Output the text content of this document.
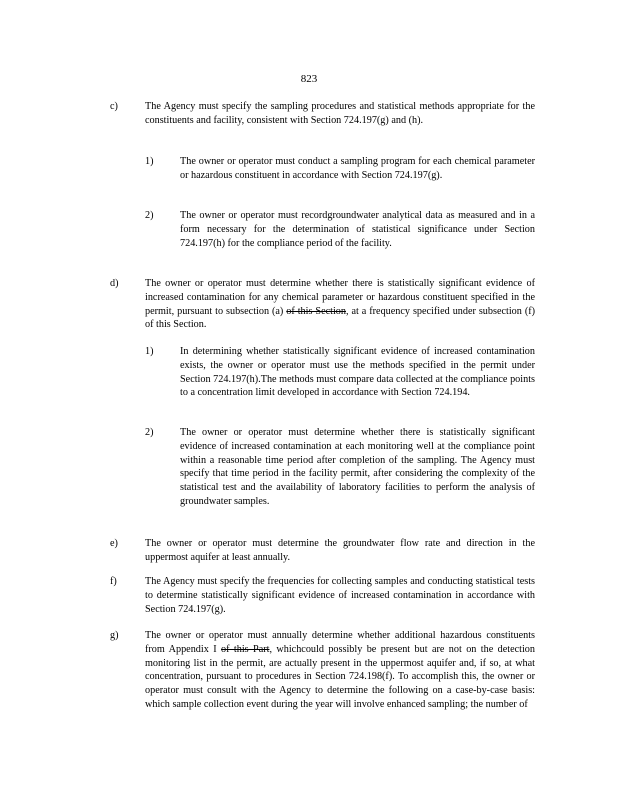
823
c)	The Agency must specify the sampling procedures and statistical methods appropriate for the constituents and facility, consistent with Section 724.197(g) and (h).
1)	The owner or operator must conduct a sampling program for each chemical parameter or hazardous constituent in accordance with Section 724.197(g).
2)	The owner or operator must recordgroundwater analytical data as measured and in a form necessary for the determination of statistical significance under Section 724.197(h) for the compliance period of the facility.
d)	The owner or operator must determine whether there is statistically significant evidence of increased contamination for any chemical parameter or hazardous constituent specified in the permit, pursuant to subsection (a) of this Section, at a frequency specified under subsection (f) of this Section.
1)	In determining whether statistically significant evidence of increased contamination exists, the owner or operator must use the methods specified in the permit under Section 724.197(h).The methods must compare data collected at the compliance points to a concentration limit developed in accordance with Section 724.194.
2)	The owner or operator must determine whether there is statistically significant evidence of increased contamination at each monitoring well at the compliance point within a reasonable time period after completion of the sampling. The Agency must specify that time period in the facility permit, after considering the complexity of the statistical test and the availability of laboratory facilities to perform the analysis of groundwater samples.
e)	The owner or operator must determine the groundwater flow rate and direction in the uppermost aquifer at least annually.
f)	The Agency must specify the frequencies for collecting samples and conducting statistical tests to determine statistically significant evidence of increased contamination in accordance with Section 724.197(g).
g)	The owner or operator must annually determine whether additional hazardous constituents from Appendix I of this Part, whichcould possibly be present but are not on the detection monitoring list in the permit, are actually present in the uppermost aquifer and, if so, at what concentration, pursuant to procedures in Section 724.198(f). To accomplish this, the owner or operator must consult with the Agency to determine the following on a case-by-case basis: which sample collection event during the year will involve enhanced sampling; the number of
